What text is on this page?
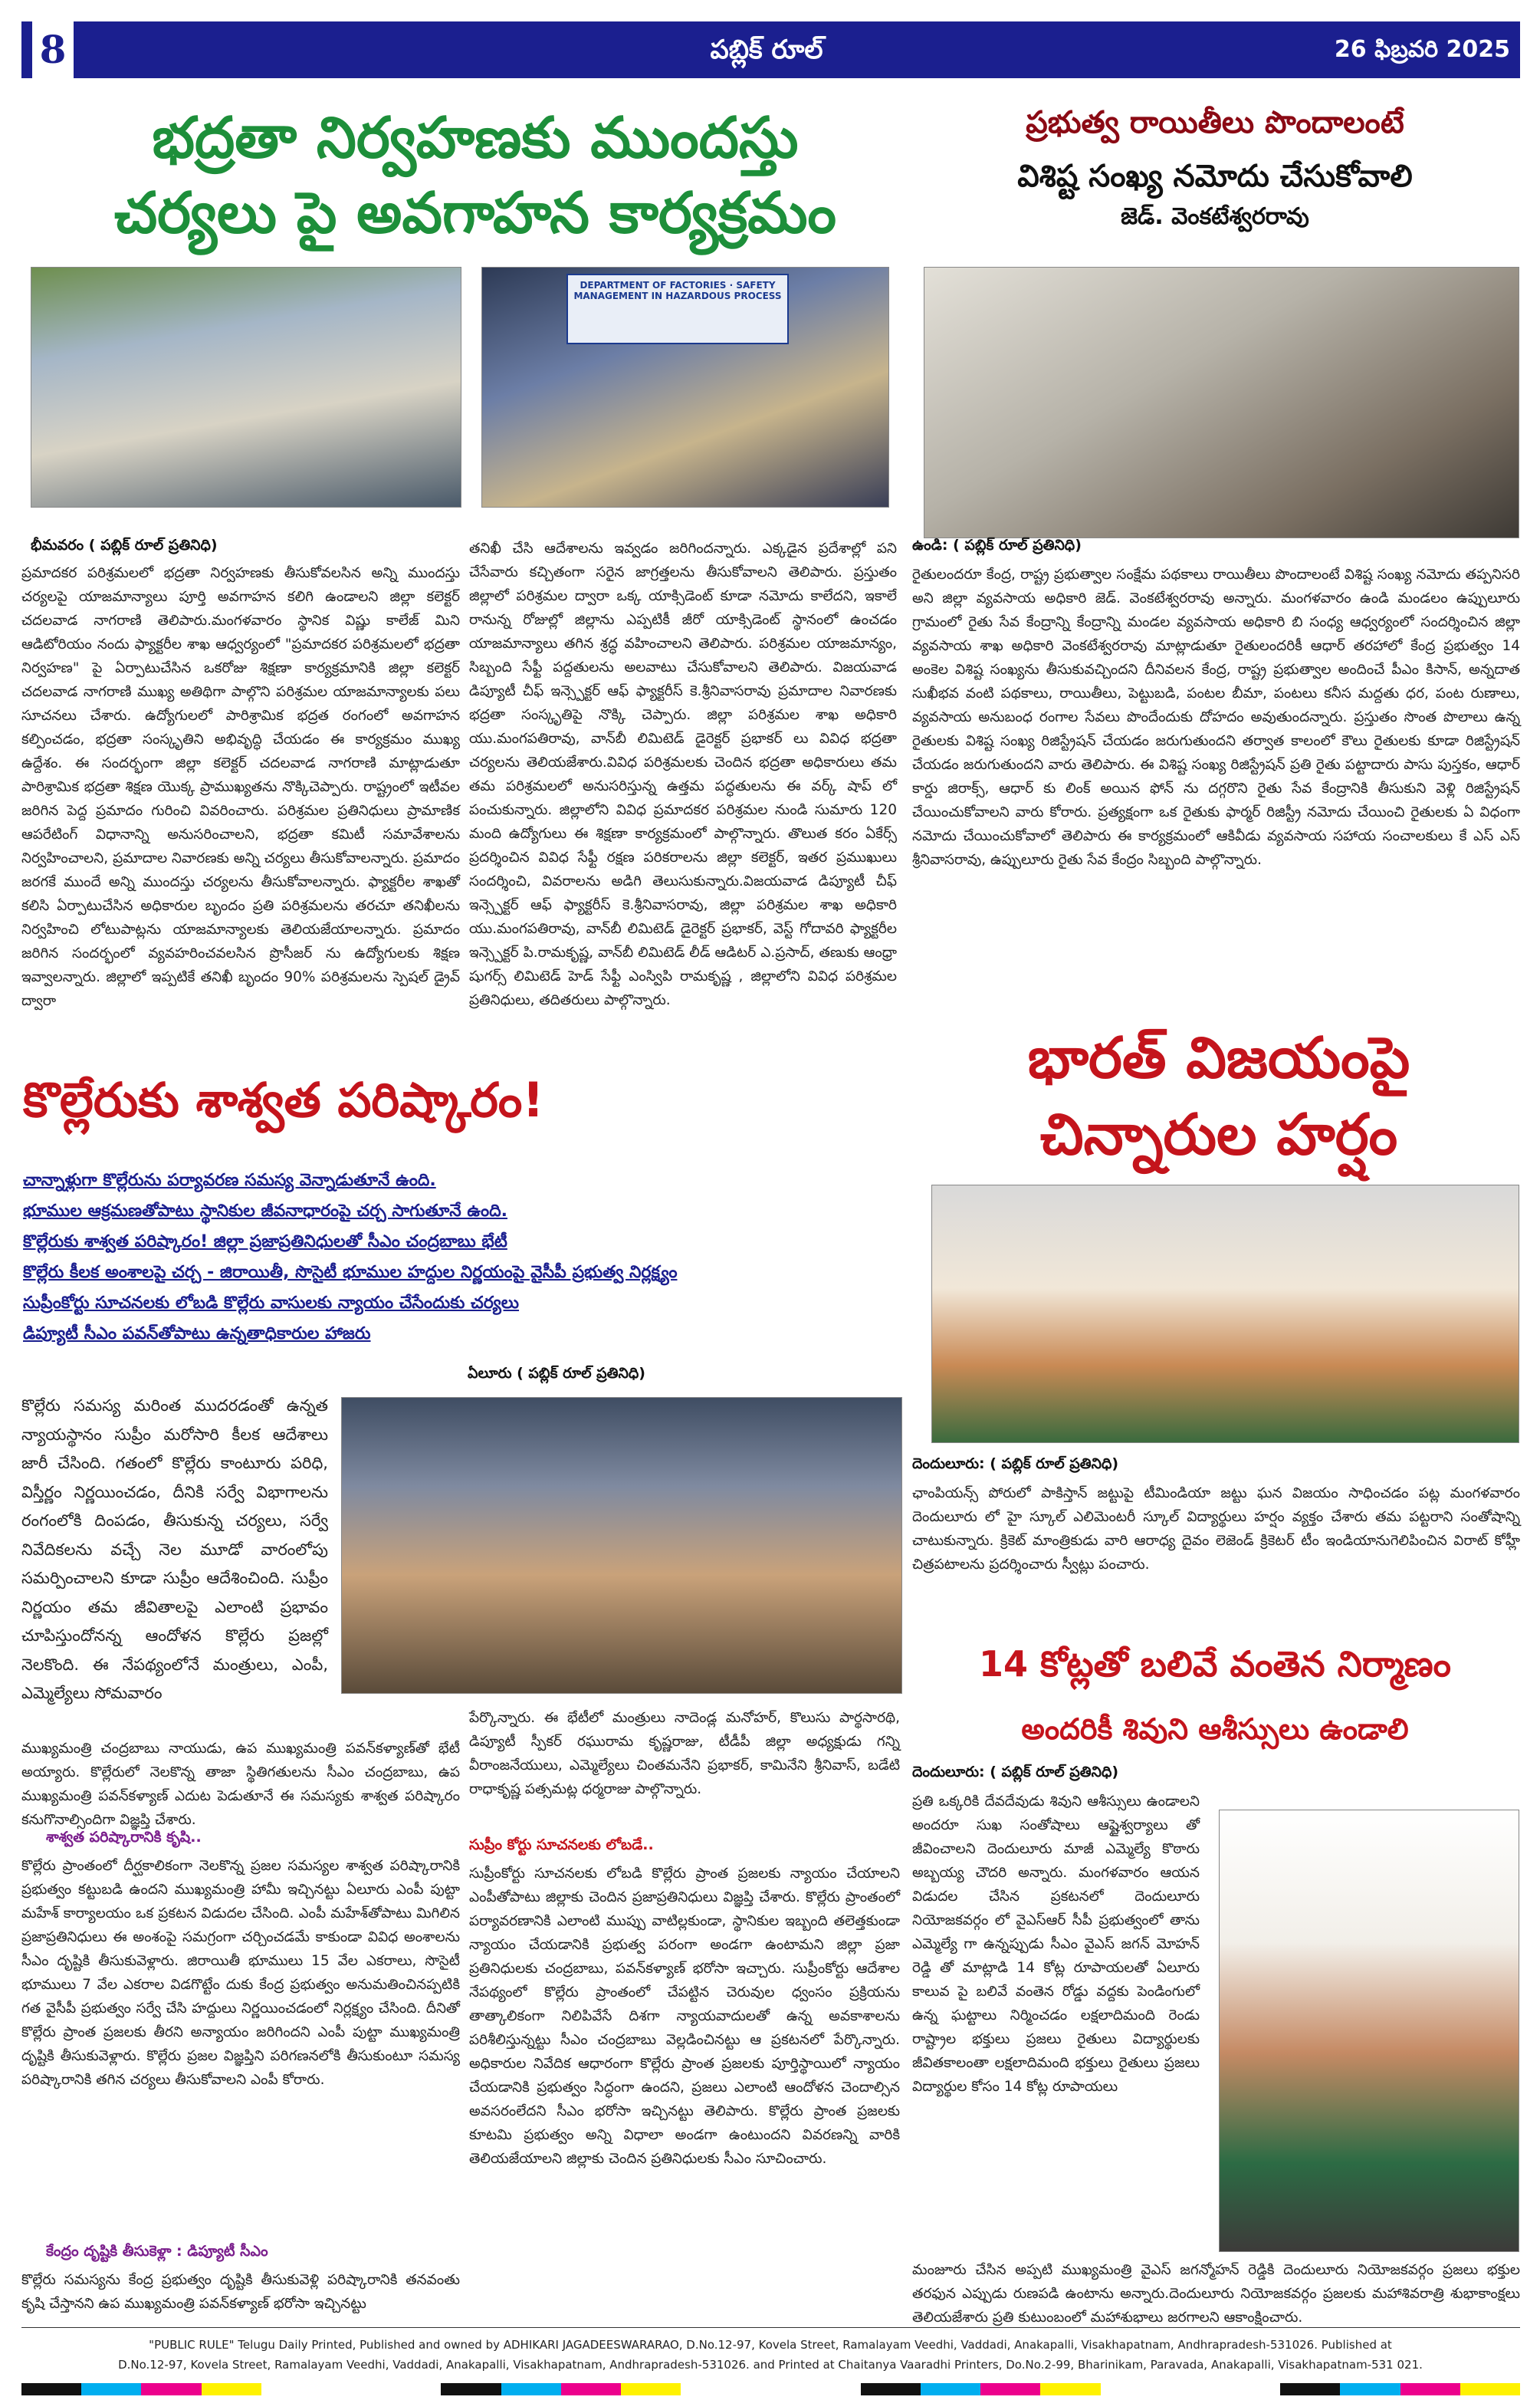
8	పబ్లిక్ రూల్	26 ఫిబ్రవరి 2025
భద్రతా నిర్వహణకు ముందస్తు
చర్యలు పై అవగాహన కార్యక్రమం
DEPARTMENT OF FACTORIES · SAFETY MANAGEMENT IN HAZARDOUS PROCESS
భీమవరం ( పబ్లిక్ రూల్ ప్రతినిధి)
ప్రమాదకర పరిశ్రమలలో భద్రతా నిర్వహణకు తీసుకోవలసిన అన్ని ముందస్తు చర్యలపై యాజమాన్యాలు పూర్తి అవగాహన కలిగి ఉండాలని జిల్లా కలెక్టర్ చదలవాడ నాగరాణి తెలిపారు.మంగళవారం స్థానిక విష్ణు కాలేజ్ మిని ఆడిటోరియం నందు ఫ్యాక్టరీల శాఖ ఆధ్వర్యంలో "ప్రమాదకర పరిశ్రమలలో భద్రతా నిర్వహణ" పై ఏర్పాటుచేసిన ఒకరోజు శిక్షణా కార్యక్రమానికి జిల్లా కలెక్టర్ చదలవాడ నాగరాణి ముఖ్య అతిథిగా పాల్గొని పరిశ్రమల యాజమాన్యాలకు పలు సూచనలు చేశారు. ఉద్యోగులలో పారిశ్రామిక భద్రత రంగంలో అవగాహన కల్పించడం, భద్రతా సంస్కృతిని అభివృద్ధి చేయడం ఈ కార్యక్రమం ముఖ్య ఉద్దేశం. ఈ సందర్భంగా జిల్లా కలెక్టర్ చదలవాడ నాగరాణి మాట్లాడుతూ పారిశ్రామిక భద్రతా శిక్షణ యొక్క ప్రాముఖ్యతను నొక్కిచెప్పారు. రాష్ట్రంలో ఇటీవల జరిగిన పెద్ద ప్రమాదం గురించి వివరించారు. పరిశ్రమల ప్రతినిధులు ప్రామాణిక ఆపరేటింగ్ విధానాన్ని అనుసరించాలని, భద్రతా కమిటీ సమావేశాలను నిర్వహించాలని, ప్రమాదాల నివారణకు అన్ని చర్యలు తీసుకోవాలన్నారు. ప్రమాదం జరగకే ముందే అన్ని ముందస్తు చర్యలను తీసుకోవాలన్నారు. ఫ్యాక్టరీల శాఖతో కలిసి ఏర్పాటుచేసిన అధికారుల బృందం ప్రతి పరిశ్రమలను తరచూ తనిఖీలను నిర్వహించి లోటుపాట్లను యాజమాన్యాలకు తెలియజేయాలన్నారు. ప్రమాదం జరిగిన సందర్భంలో వ్యవహరించవలసిన ప్రొసీజర్ ను ఉద్యోగులకు శిక్షణ ఇవ్వాలన్నారు. జిల్లాలో ఇప్పటికే తనిఖీ బృందం 90% పరిశ్రమలను స్పెషల్ డ్రైవ్ ద్వారా
తనిఖీ చేసి ఆదేశాలను ఇవ్వడం జరిగిందన్నారు. ఎక్కడైన ప్రదేశాల్లో పని చేసేవారు కచ్చితంగా సరైన జాగ్రత్తలను తీసుకోవాలని తెలిపారు. ప్రస్తుతం జిల్లాలో పరిశ్రమల ద్వారా ఒక్క యాక్సిడెంట్ కూడా నమోదు కాలేదని, ఇకాలే రానున్న రోజుల్లో జిల్లాను ఎప్పటికీ జీరో యాక్సిడెంట్ స్థానంలో ఉంచడం యాజమాన్యాలు తగిన శ్రద్ధ వహించాలని తెలిపారు. పరిశ్రమల యాజమాన్యం, సిబ్బంది సేఫ్టీ పద్దతులను అలవాటు చేసుకోవాలని తెలిపారు. విజయవాడ డిప్యూటీ చీఫ్ ఇన్స్పెక్టర్ ఆఫ్ ఫ్యాక్టరీస్ కె.శ్రీనివాసరావు ప్రమాదాల నివారణకు భద్రతా సంస్కృతిపై నొక్కి చెప్పారు. జిల్లా పరిశ్రమల శాఖ అధికారి యు.మంగపతిరావు, వాన్‌బీ లిమిటెడ్ డైరెక్టర్ ప్రభాకర్ లు వివిధ భద్రతా చర్యలను తెలియజేశారు.వివిధ పరిశ్రమలకు చెందిన భద్రతా అధికారులు తమ తమ పరిశ్రమలలో అనుసరిస్తున్న ఉత్తమ పద్ధతులను ఈ వర్క్ షాప్ లో పంచుకున్నారు. జిల్లాలోని వివిధ ప్రమాదకర పరిశ్రమల నుండి సుమారు 120 మంది ఉద్యోగులు ఈ శిక్షణా కార్యక్రమంలో పాల్గొన్నారు. తొలుత కరం ఏకేర్స్ ప్రదర్శించిన వివిధ సేఫ్టీ రక్షణ పరికరాలను జిల్లా కలెక్టర్, ఇతర ప్రముఖులు సందర్శించి, వివరాలను అడిగి తెలుసుకున్నారు.విజయవాడ డిప్యూటీ చీఫ్ ఇన్స్పెక్టర్ ఆఫ్ ఫ్యాక్టరీస్ కె.శ్రీనివాసరావు, జిల్లా పరిశ్రమల శాఖ అధికారి యు.మంగపతిరావు, వాన్‌బీ లిమిటెడ్ డైరెక్టర్ ప్రభాకర్, వెస్ట్ గోదావరి ఫ్యాక్టరీల ఇన్స్పెక్టర్ పి.రామకృష్ణ, వాన్‌బీ లిమిటెడ్ లీడ్ ఆడిటర్ ఎ.ప్రసాద్, తణుకు ఆంధ్రా షుగర్స్ లిమిటెడ్ హెడ్ సేఫ్టీ ఎంస్విపి రామకృష్ణ , జిల్లాలోని వివిధ పరిశ్రమల ప్రతినిధులు, తదితరులు పాల్గొన్నారు.
ప్రభుత్వ రాయితీలు పొందాలంటే
విశిష్ట సంఖ్య నమోదు చేసుకోవాలి
జెడ్. వెంకటేశ్వరరావు
ఉండి: ( పబ్లిక్ రూల్ ప్రతినిధి)
రైతులందరూ కేంద్ర, రాష్ట్ర ప్రభుత్వాల సంక్షేమ పథకాలు రాయితీలు పొందాలంటే విశిష్ట సంఖ్య నమోదు తప్పనిసరి అని జిల్లా వ్యవసాయ అధికారి జెడ్. వెంకటేశ్వరరావు అన్నారు. మంగళవారం ఉండి మండలం ఉప్పులూరు గ్రామంలో రైతు సేవ కేంద్రాన్ని కేంద్రాన్ని మండల వ్యవసాయ అధికారి బి సంధ్య ఆధ్వర్యంలో సందర్శించిన జిల్లా వ్యవసాయ శాఖ అధికారి వెంకటేశ్వరరావు మాట్లాడుతూ రైతులందరికీ ఆధార్ తరహాలో కేంద్ర ప్రభుత్వం 14 అంకెల విశిష్ట సంఖ్యను తీసుకువచ్చిందని దీనివలన కేంద్ర, రాష్ట్ర ప్రభుత్వాల అందించే పీఎం కిసాన్, అన్నదాత సుఖీభవ వంటి పథకాలు, రాయితీలు, పెట్టుబడి, పంటల బీమా, పంటలు కనీస మద్దతు ధర, పంట రుణాలు, వ్యవసాయ అనుబంధ రంగాల సేవలు పొందేందుకు దోహదం అవుతుందన్నారు. ప్రస్తుతం సొంత పొలాలు ఉన్న రైతులకు విశిష్ట సంఖ్య రిజిస్ట్రేషన్ చేయడం జరుగుతుందని తర్వాత కాలంలో కౌలు రైతులకు కూడా రిజిస్ట్రేషన్ చేయడం జరుగుతుందని వారు తెలిపారు. ఈ విశిష్ట సంఖ్య రిజిస్ట్రేషన్ ప్రతి రైతు పట్టాదారు పాసు పుస్తకం, ఆధార్ కార్డు జిరాక్స్, ఆధార్ కు లింక్ అయిన ఫోన్ ను దగ్గరొని రైతు సేవ కేంద్రానికి తీసుకుని వెళ్లి రిజిస్ట్రేషన్ చేయించుకోవాలని వారు కోరారు. ప్రత్యక్షంగా ఒక రైతుకు ఫార్మర్ రిజిస్ట్రీ నమోదు చేయించి రైతులకు ఏ విధంగా నమోదు చేయించుకోవాలో తెలిపారు ఈ కార్యక్రమంలో ఆకివీడు వ్యవసాయ సహాయ సంచాలకులు కే ఎస్ ఎస్ శ్రీనివాసరావు, ఉప్పులూరు రైతు సేవ కేంద్రం సిబ్బంది పాల్గొన్నారు.
కొల్లేరుకు శాశ్వత పరిష్కారం!
చాన్నాళ్లుగా కొల్లేరును పర్యావరణ సమస్య వెన్నాడుతూనే ఉంది.
భూముల ఆక్రమణతోపాటు స్థానికుల జీవనాధారంపై చర్చ సాగుతూనే ఉంది.
కొల్లేరుకు శాశ్వత పరిష్కారం! జిల్లా ప్రజాప్రతినిధులతో సీఎం చంద్రబాబు భేటీ
కొల్లేరు కీలక అంశాలపై చర్చ - జిరాయితీ, సొసైటీ భూముల హద్దుల నిర్ణయంపై వైసీపీ ప్రభుత్వ నిర్లక్ష్యం
సుప్రీంకోర్టు సూచనలకు లోబడి కొల్లేరు వాసులకు న్యాయం చేసేందుకు చర్యలు
డిప్యూటీ సీఎం పవన్‌తోపాటు ఉన్నతాధికారుల హాజరు
ఏలూరు ( పబ్లిక్ రూల్ ప్రతినిధి)
కొల్లేరు సమస్య మరింత ముదరడంతో ఉన్నత న్యాయస్థానం సుప్రీం మరోసారి కీలక ఆదేశాలు జారీ చేసింది. గతంలో కొల్లేరు కాంటూరు పరిధి, విస్తీర్ణం నిర్ణయించడం, దీనికి సర్వే విభాగాలను రంగంలోకి దింపడం, తీసుకున్న చర్యలు, సర్వే నివేదికలను వచ్చే నెల మూడో వారంలోపు సమర్పించాలని కూడా సుప్రీం ఆదేశించింది. సుప్రీం నిర్ణయం తమ జీవితాలపై ఎలాంటి ప్రభావం చూపిస్తుందోనన్న ఆందోళన కొల్లేరు ప్రజల్లో నెలకొంది. ఈ నేపథ్యంలోనే మంత్రులు, ఎంపీ, ఎమ్మెల్యేలు సోమవారం
ముఖ్యమంత్రి చంద్రబాబు నాయుడు, ఉప ముఖ్యమంత్రి పవన్‌కళ్యాణ్‌తో భేటీ అయ్యారు. కొల్లేరులో నెలకొన్న తాజా స్థితిగతులను సీఎం చంద్రబాబు, ఉప ముఖ్యమంత్రి పవన్‌కళ్యాణ్ ఎదుట పెడుతూనే ఈ సమస్యకు శాశ్వత పరిష్కారం కనుగొనాల్సిందిగా విజ్ఞప్తి చేశారు.
శాశ్వత పరిష్కారానికి కృషి..
కొల్లేరు ప్రాంతంలో దీర్ఘకాలికంగా నెలకొన్న ప్రజల సమస్యల శాశ్వత పరిష్కారానికి ప్రభుత్వం కట్టుబడి ఉందని ముఖ్యమంత్రి హామీ ఇచ్చినట్టు ఏలూరు ఎంపీ పుట్టా మహేశ్ కార్యాలయం ఒక ప్రకటన విడుదల చేసింది. ఎంపీ మహేశ్‌తోపాటు మిగిలిన ప్రజాప్రతినిధులు ఈ అంశంపై సమగ్రంగా చర్చించడమే కాకుండా వివిధ అంశాలను సీఎం దృష్టికి తీసుకువెళ్లారు. జిరాయితీ భూములు 15 వేల ఎకరాలు, సొసైటీ భూములు 7 వేల ఎకరాల విడగొట్టేం దుకు కేంద్ర ప్రభుత్వం అనుమతించినప్పటికి గత వైసీపీ ప్రభుత్వం సర్వే చేసి హద్దులు నిర్ణయించడంలో నిర్లక్ష్యం చేసింది. దీనితో కొల్లేరు ప్రాంత ప్రజలకు తీరని అన్యాయం జరిగిందని ఎంపీ పుట్టా ముఖ్యమంత్రి దృష్టికి తీసుకువెళ్లారు. కొల్లేరు ప్రజల విజ్ఞప్తిని పరిగణనలోకి తీసుకుంటూ సమస్య పరిష్కారానికి తగిన చర్యలు తీసుకోవాలని ఎంపీ కోరారు.
కేంద్రం దృష్టికి తీసుకెళ్లా : డిప్యూటీ సీఎం
కొల్లేరు సమస్యను కేంద్ర ప్రభుత్వం దృష్టికి తీసుకువెళ్లి పరిష్కారానికి తనవంతు కృషి చేస్తానని ఉప ముఖ్యమంత్రి పవన్‌కళ్యాణ్ భరోసా ఇచ్చినట్టు
పేర్కొన్నారు. ఈ భేటీలో మంత్రులు నాదెండ్ల మనోహర్, కొలుసు పార్థసారథి, డిప్యూటీ స్పీకర్ రఘురామ కృష్ణరాజు, టీడీపీ జిల్లా అధ్యక్షుడు గన్ని వీరాంజనేయులు, ఎమ్మెల్యేలు చింతమనేని ప్రభాకర్, కామినేని శ్రీనివాస్, బడేటి రాధాకృష్ణ పత్సమట్ల ధర్మరాజు పాల్గొన్నారు.
సుప్రీం కోర్టు సూచనలకు లోబడే..
సుప్రీంకోర్టు సూచనలకు లోబడి కొల్లేరు ప్రాంత ప్రజలకు న్యాయం చేయాలని ఎంపీతోపాటు జిల్లాకు చెందిన ప్రజాప్రతినిధులు విజ్ఞప్తి చేశారు. కొల్లేరు ప్రాంతంలో పర్యావరణానికి ఎలాంటి ముప్పు వాటిల్లకుండా, స్థానికుల ఇబ్బంది తలెత్తకుండా న్యాయం చేయడానికి ప్రభుత్వ పరంగా అండగా ఉంటామని జిల్లా ప్రజా ప్రతినిధులకు చంద్రబాబు, పవన్‌కళ్యాణ్ భరోసా ఇచ్చారు. సుప్రీంకోర్టు ఆదేశాల నేపథ్యంలో కొల్లేరు ప్రాంతంలో చేపట్టిన చెరువుల ధ్వంసం ప్రక్రియను తాత్కాలికంగా నిలిపివేసే దిశగా న్యాయవాదులతో ఉన్న అవకాశాలను పరిశీలిస్తున్నట్టు సీఎం చంద్రబాబు వెల్లడించినట్టు ఆ ప్రకటనలో పేర్కొన్నారు. అధికారుల నివేదిక ఆధారంగా కొల్లేరు ప్రాంత ప్రజలకు పూర్తిస్థాయిలో న్యాయం చేయడానికి ప్రభుత్వం సిద్ధంగా ఉందని, ప్రజలు ఎలాంటి ఆందోళన చెందాల్సిన అవసరంలేదని సీఎం భరోసా ఇచ్చినట్టు తెలిపారు. కొల్లేరు ప్రాంత ప్రజలకు కూటమి ప్రభుత్వం అన్ని విధాలా అండగా ఉంటుందని వివరణన్ని వారికి తెలియజేయాలని జిల్లాకు చెందిన ప్రతినిధులకు సీఎం సూచించారు.
భారత్ విజయంపై
చిన్నారుల హర్షం
దెందులూరు: ( పబ్లిక్ రూల్ ప్రతినిధి)
ఛాంపియన్స్ పోరులో పాకిస్తాన్ జట్టుపై టీమిండియా జట్టు ఘన విజయం సాధించడం పట్ల మంగళవారం దెందులూరు లో హై స్కూల్ ఎలిమెంటరీ స్కూల్ విద్యార్థులు హర్షం వ్యక్తం చేశారు తమ పట్టరాని సంతోషాన్ని చాటుకున్నారు. క్రికెట్ మాంత్రికుడు వారి ఆరాధ్య దైవం లెజెండ్ క్రికెటర్ టీం ఇండియానుగెలిపించిన విరాట్ కోహ్లీ చిత్రపటాలను ప్రదర్శించారు స్వీట్లు పంచారు.
14 కోట్లతో బలివే వంతెన నిర్మాణం
అందరికీ శివుని ఆశీస్సులు ఉండాలి
దెందులూరు: ( పబ్లిక్ రూల్ ప్రతినిధి)
ప్రతి ఒక్కరికి దేవదేవుడు శివుని ఆశీస్సులు ఉండాలని అందరూ సుఖ సంతోషాలు ఆష్టైశ్వర్యాలు తో జీవించాలని దెందులూరు మాజీ ఎమ్మెల్యే కొఠారు అబ్బయ్య చౌదరి అన్నారు. మంగళవారం ఆయన విడుదల చేసిన ప్రకటనలో దెందులూరు నియోజకవర్గం లో వైఎస్ఆర్ సీపీ ప్రభుత్వంలో తాను ఎమ్మెల్యే గా ఉన్నప్పుడు సీఎం వైఎస్ జగన్ మోహన్ రెడ్డి తో మాట్లాడి 14 కోట్ల రూపాయలతో ఏలూరు కాలువ పై బలివే వంతెన రోడ్డు వద్దకు పెండింగులో ఉన్న ఘట్టాలు నిర్మించడం లక్షలాదిమంది రెండు రాష్ట్రాల భక్తులు ప్రజలు రైతులు విద్యార్థులకు జీవితకాలంతా లక్షలాదిమంది భక్తులు రైతులు ప్రజలు విద్యార్థుల కోసం 14 కోట్ల రూపాయలు
మంజూరు చేసిన అప్పటి ముఖ్యమంత్రి వైఎస్ జగన్మోహన్ రెడ్డికి దెందులూరు నియోజకవర్గం ప్రజలు భక్తుల తరఫున ఎప్పుడు రుణపడి ఉంటాను అన్నారు.దెందులూరు నియోజకవర్గం ప్రజలకు మహాశివరాత్రి శుభాకాంక్షలు తెలియజేశారు ప్రతి కుటుంబంలో మహాశుభాలు జరగాలని ఆకాంక్షించారు.
"PUBLIC RULE" Telugu Daily Printed, Published and owned by ADHIKARI JAGADEESWARARAO, D.No.12-97, Kovela Street, Ramalayam Veedhi, Vaddadi, Anakapalli, Visakhapatnam, Andhrapradesh-531026. Published at
D.No.12-97, Kovela Street, Ramalayam Veedhi, Vaddadi, Anakapalli, Visakhapatnam, Andhrapradesh-531026. and Printed at Chaitanya Vaaradhi Printers, Do.No.2-99, Bharinikam, Paravada, Anakapalli, Visakhapatnam-531 021.
